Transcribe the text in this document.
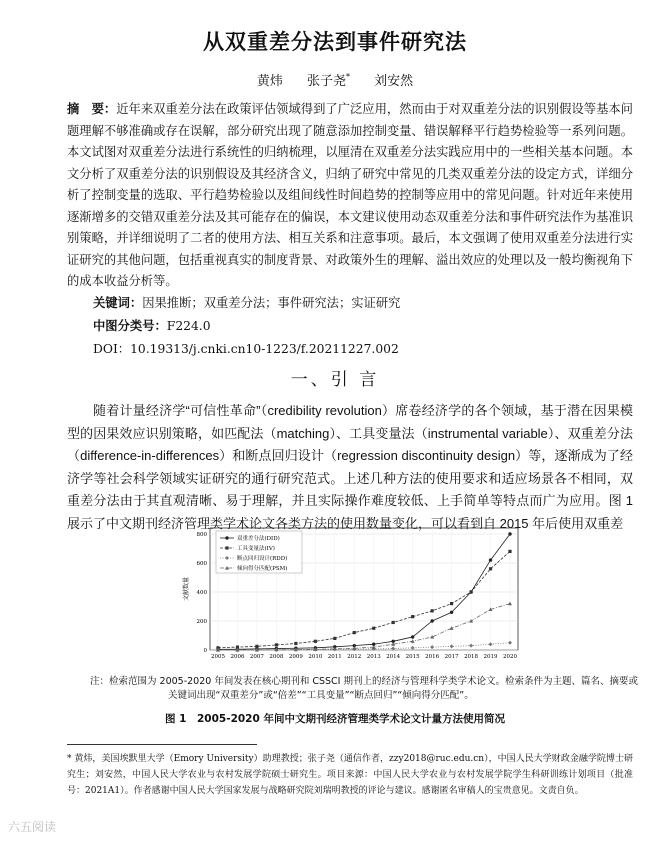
从双重差分法到事件研究法
黄炜 张子尧* 刘安然
摘　要：近年来双重差分法在政策评估领域得到了广泛应用，然而由于对双重差分法的识别假设等基本问题理解不够准确或存在误解，部分研究出现了随意添加控制变量、错误解释平行趋势检验等一系列问题。本文试图对双重差分法进行系统性的归纳梳理，以厘清在双重差分法实践应用中的一些相关基本问题。本文分析了双重差分法的识别假设及其经济含义，归纳了研究中常见的几类双重差分法的设定方式，详细分析了控制变量的选取、平行趋势检验以及组间线性时间趋势的控制等应用中的常见问题。针对近年来使用逐渐增多的交错双重差分法及其可能存在的偏误，本文建议使用动态双重差分法和事件研究法作为基准识别策略，并详细说明了二者的使用方法、相互关系和注意事项。最后，本文强调了使用双重差分法进行实证研究的其他问题，包括重视真实的制度背景、对政策外生的理解、溢出效应的处理以及一般均衡视角下的成本收益分析等。
关键词：因果推断；双重差分法；事件研究法；实证研究
中图分类号：F224.0
DOI：10.19313/j.cnki.cn10-1223/f.20211227.002
一、引 言
随着计量经济学“可信性革命”（credibility revolution）席卷经济学的各个领域，基于潜在因果模型的因果效应识别策略，如匹配法（matching）、工具变量法（instrumental variable）、双重差分法（difference-in-differences）和断点回归设计（regression discontinuity design）等，逐渐成为了经济学等社会科学领域实证研究的通行研究范式。上述几种方法的使用要求和适应场景各不相同，双重差分法由于其直观清晰、易于理解，并且实际操作难度较低、上手简单等特点而广为应用。图 1 展示了中文期刊经济管理类学术论文各类方法的使用数量变化，可以看到自 2015 年后使用双重差
文献数量
0
200
400
600
800
2005 2006 2007 2008 2009 2010 2011 2012 2013 2014 2015 2016 2017 2018 2019 2020
双重差分法(DID)
工具变量法(IV)
断点回归设计(RDD)
倾向得分匹配(PSM)
注：检索范围为 2005-2020 年间发表在核心期刊和 CSSCI 期刊上的经济与管理科学类学术论文。检索条件为主题、篇名、摘要或
关键词出现“双重差分”或“倍差”“工具变量”“断点回归”“倾向得分匹配”。
图 1　2005-2020 年间中文期刊经济管理类学术论文计量方法使用简况
* 黄炜，美国埃默里大学（Emory University）助理教授；张子尧（通信作者，zzy2018@ruc.edu.cn），中国人民大学财政金融学院博士研究生；刘安然，中国人民大学农业与农村发展学院硕士研究生。项目来源：中国人民大学农业与农村发展学院学生科研训练计划项目（批准号：2021A1）。作者感谢中国人民大学国家发展与战略研究院刘瑞明教授的评论与建议。感谢匿名审稿人的宝贵意见。文责自负。
六五阅读
